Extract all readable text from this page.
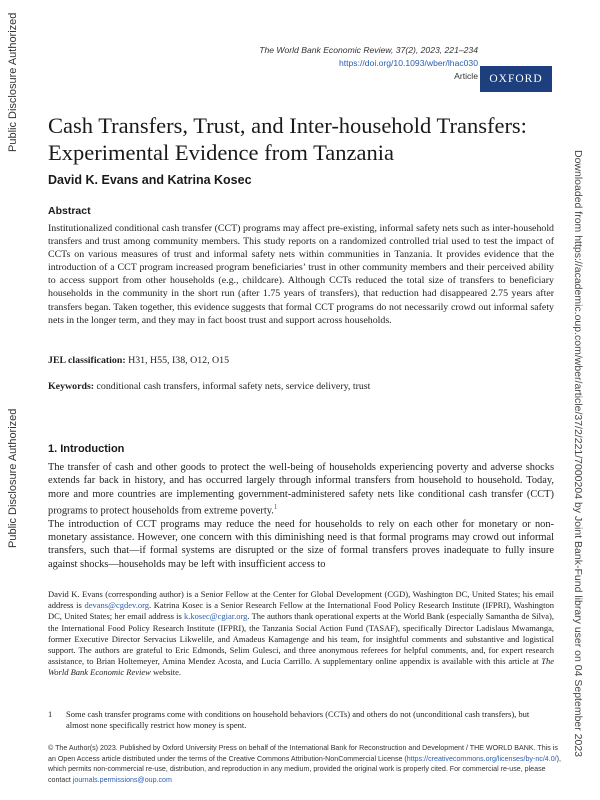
Public Disclosure Authorized
Public Disclosure Authorized	Downloaded from https://academic.oup.com/wber/article/37/2/221/7000204 by Joint Bank-Fund library user on 04 September 2023
The World Bank Economic Review, 37(2), 2023, 221–234
https://doi.org/10.1093/wber/lhac030
Article OXFORD
Cash Transfers, Trust, and Inter-household Transfers: Experimental Evidence from Tanzania
David K. Evans and Katrina Kosec
Abstract

Institutionalized conditional cash transfer (CCT) programs may affect pre-existing, informal safety nets such as inter-household transfers and trust among community members. This study reports on a randomized controlled trial used to test the impact of CCTs on various measures of trust and informal safety nets within communities in Tanzania. It provides evidence that the introduction of a CCT program increased program beneficiaries’ trust in other community members and their perceived ability to access support from other households (e.g., childcare). Although CCTs reduced the total size of transfers to beneficiary households in the community in the short run (after 1.75 years of transfers), that reduction had disappeared 2.75 years after transfers began. Taken together, this evidence suggests that formal CCT programs do not necessarily crowd out informal safety nets in the longer term, and they may in fact boost trust and support across households.

JEL classification: H31, H55, I38, O12, O15
Keywords: conditional cash transfers, informal safety nets, service delivery, trust
1. Introduction

The transfer of cash and other goods to protect the well-being of households experiencing poverty and adverse shocks extends far back in history, and has occurred largely through informal transfers from household to household. Today, more and more countries are implementing government-administered safety nets like conditional cash transfer (CCT) programs to protect households from extreme poverty.$^1$
The introduction of CCT programs may reduce the need for households to rely on each other for monetary or non-monetary assistance. However, one concern with this diminishing need is that formal programs may crowd out informal transfers, such that—if formal systems are disrupted or the size of formal transfers proves inadequate to fully insure against shocks—households may be left with insufficient access to

David K. Evans (corresponding author) is a Senior Fellow at the Center for Global Development (CGD), Washington DC, United States; his email address is devans@cgdev.org. Katrina Kosec is a Senior Research Fellow at the International Food Policy Research Institute (IFPRI), Washington DC, United States; her email address is k.kosec@cgiar.org. The authors thank operational experts at the World Bank (especially Samantha de Silva), the International Food Policy Research Institute (IFPRI), the Tanzania Social Action Fund (TASAF), specifically Director Ladislaus Mwamanga, former Executive Director Servacius Likwelile, and Amadeus Kamagenge and his team, for insightful comments and substantive and logistical support. The authors are grateful to Eric Edmonds, Selim Gulesci, and three anonymous referees for helpful comments, and, for expert research assistance, to Brian Holtemeyer, Amina Mendez Acosta, and Lucia Carrillo. A supplementary online appendix is available with this article at The World Bank Economic Review website.

1	Some cash transfer programs come with conditions on household behaviors (CCTs) and others do not (unconditional cash transfers), but almost none specifically restrict how money is spent.

© The Author(s) 2023. Published by Oxford University Press on behalf of the International Bank for Reconstruction and Development / THE WORLD BANK. This is an Open Access article distributed under the terms of the Creative Commons Attribution-NonCommercial License (https://creativecommons.org/licenses/by-nc/4.0/), which permits non-commercial re-use, distribution, and reproduction in any medium, provided the original work is properly cited. For commercial re-use, please contact journals.permissions@oup.com
